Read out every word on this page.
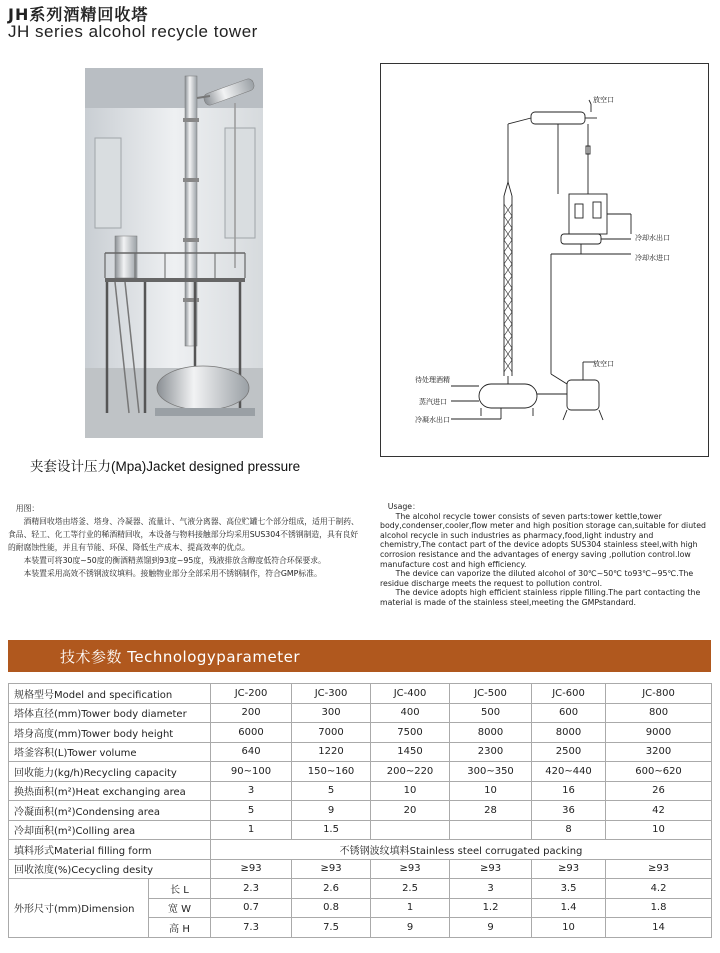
JH系列酒精回收塔
JH series alcohol recycle tower
夹套设计压力(Mpa)Jacket designed pressure
放空口
冷却水出口
冷却水进口
放空口
待处理酒精
蒸汽进口
冷凝水出口

用图：

酒精回收塔由塔釜、塔身、冷凝器、流量计、气液分离器、高位贮罐七个部分组成，适用于制药、食品、轻工、化工等行业的稀酒精回收，本设备与物料接触部分均采用SUS304不锈钢制造，具有良好的耐腐蚀性能，并且有节能、环保、降低生产成本、提高效率的优点。

本装置可将30度~50度的衡酒精蒸馏到93度~95度，残液排放含醇度低符合环保要求。

本装置采用高效不锈钢波纹填料。接触物业部分全部采用不锈钢制作，符合GMP标准。

Usage：

The alcohol recycle tower consists of seven parts:tower kettle,tower body,condenser,cooler,flow meter and high position storage can,suitable for diuted alcohol recycle in such industries as pharmacy,food,light industry and chemistry,The contact part of the device adopts SUS304 stainless steel,with high corrosion resistance and the advantages of energy saving ,pollution control.low manufacture cost and high efficiency.

The device can vaporize the diluted alcohol of 30℃~50℃ to93℃~95℃.The residue discharge meets the request to pollution control.

The device adopts high efficient stainless ripple filling.The part contacting the material is made of the stainless steel,meeting the GMPstandard.

技术参数 Technologyparameter
规格型号Model and specification		JC-200	JC-300	JC-400	JC-500	JC-600	JC-800
塔体直径(mm)Tower body diameter		200	300	400	500	600	800
塔身高度(mm)Tower body height		6000	7000	7500	8000	8000	9000
塔釜容积(L)Tower volume		640	1220	1450	2300	2500	3200
回收能力(kg/h)Recycling capacity		90~100	150~160	200~220	300~350	420~440	600~620
换热面积(m²)Heat exchanging area		3	5	10	10	16	26
冷凝面积(m²)Condensing area		5	9	20	28	36	42
冷却面积(m²)Colling area		1	1.5			8	10
填料形式Material filling form		不锈钢波纹填料Stainless steel corrugated packing					
回收浓度(%)Cecycling desity		≥93	≥93	≥93	≥93	≥93	≥93
外形尺寸(mm)Dimension	长 L	2.3	2.6	2.5	3	3.5	4.2
	宽 W	0.7	0.8	1	1.2	1.4	1.8
	高 H	7.3	7.5	9	9	10	14
